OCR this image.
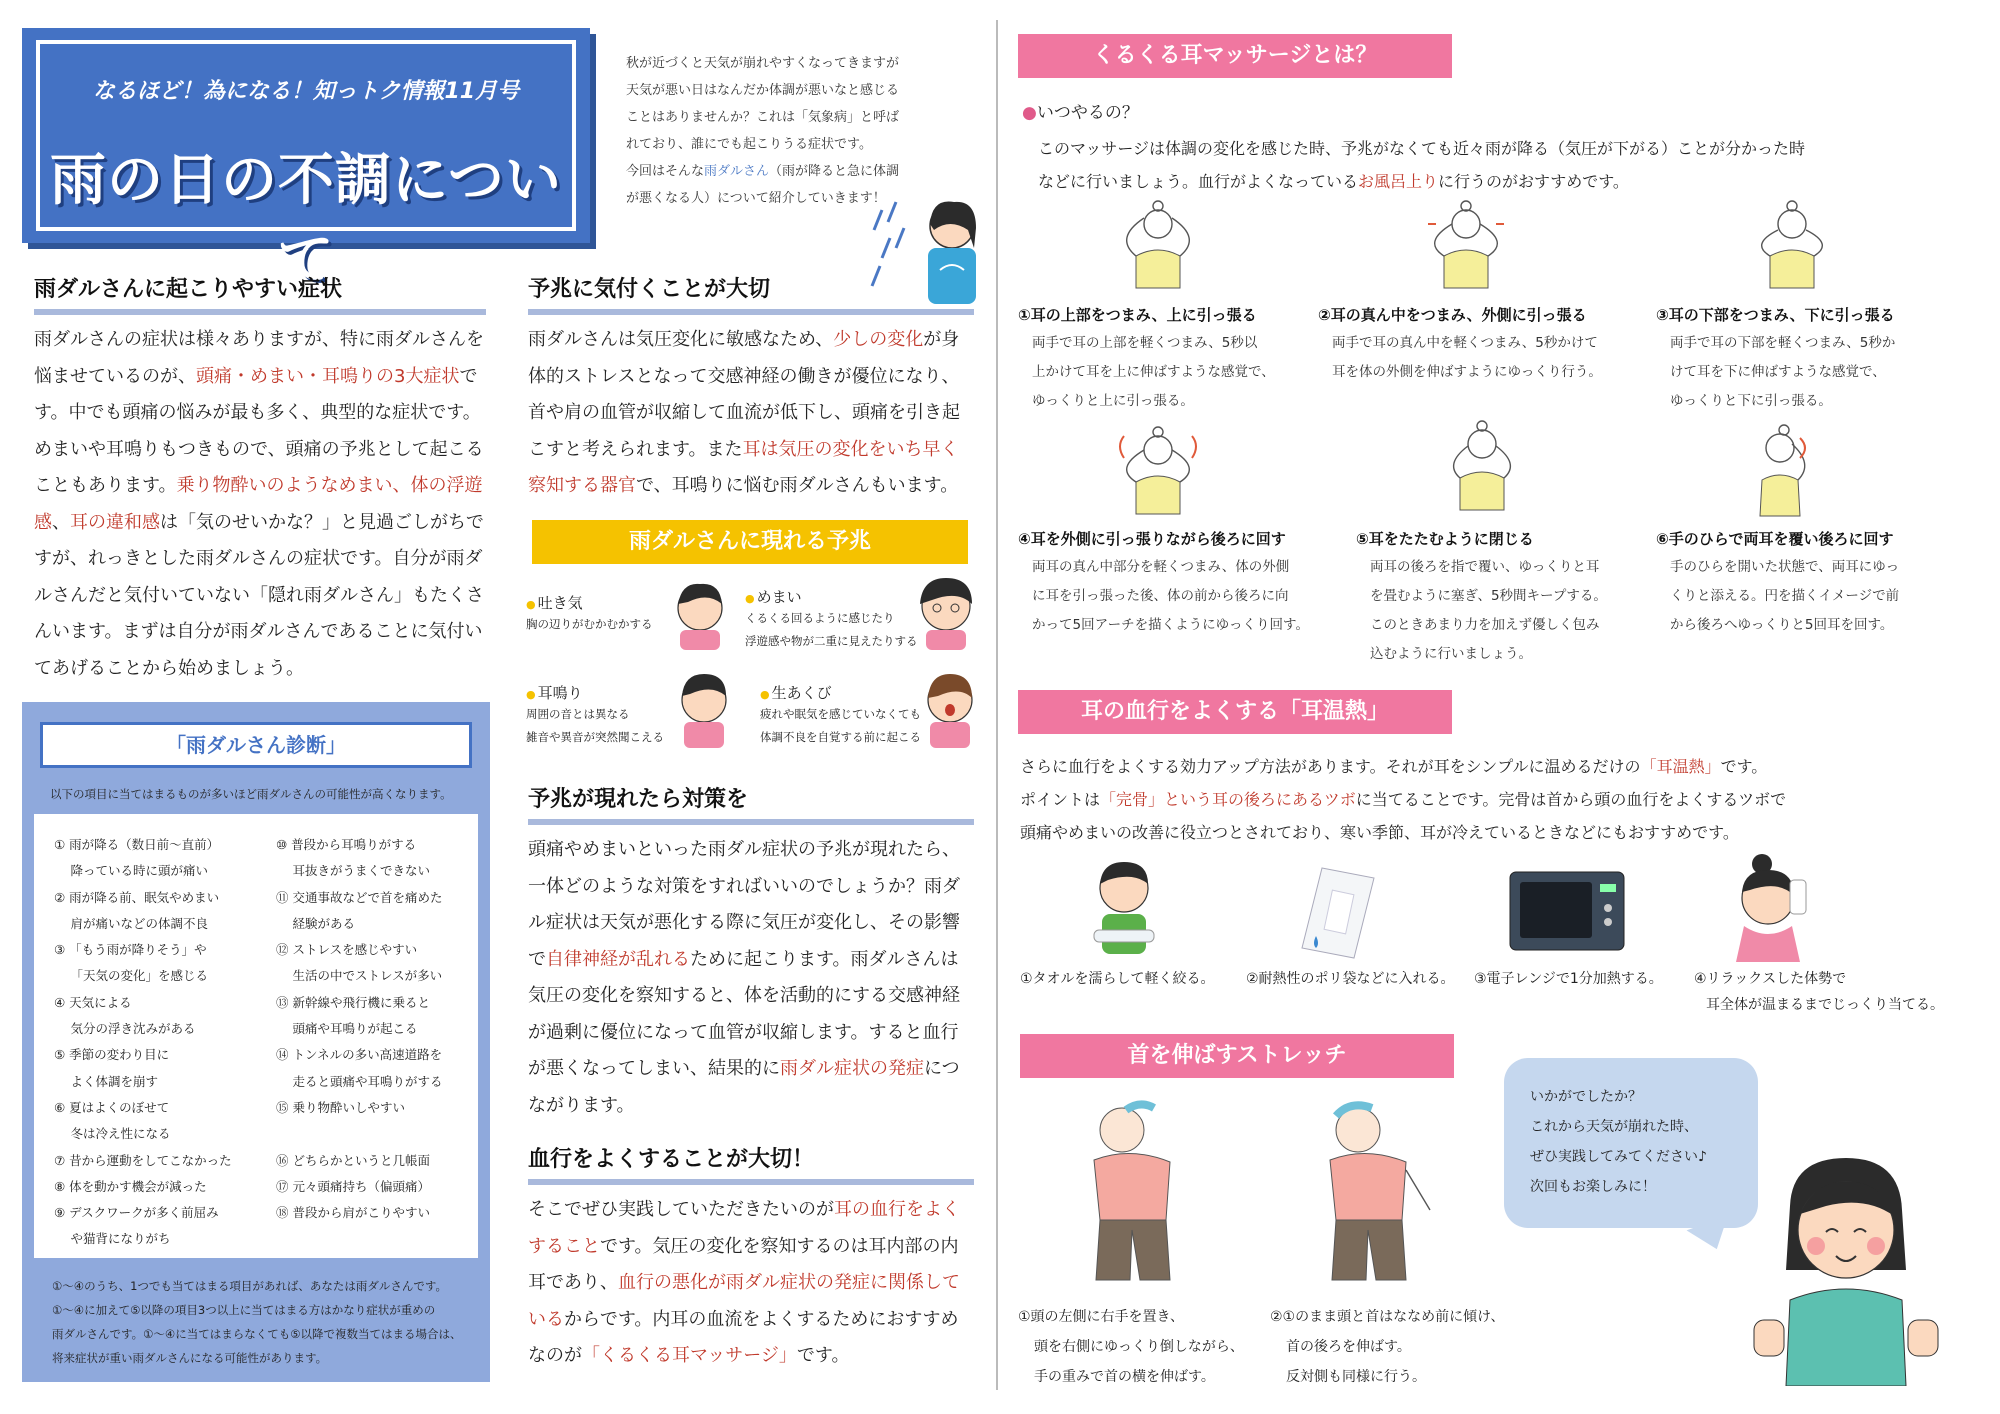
なるほど！為になる！知っトク情報11月号
雨の日の不調について
秋が近づくと天気が崩れやすくなってきますが
天気が悪い日はなんだか体調が悪いなと感じる
ことはありませんか？これは「気象病」と呼ば
れており、誰にでも起こりうる症状です。
今回はそんな雨ダルさん（雨が降ると急に体調
が悪くなる人）について紹介していきます！
雨ダルさんに起こりやすい症状
雨ダルさんの症状は様々ありますが、特に雨ダルさんを悩ませているのが、頭痛・めまい・耳鳴りの3大症状です。中でも頭痛の悩みが最も多く、典型的な症状です。めまいや耳鳴りもつきもので、頭痛の予兆として起こることもあります。乗り物酔いのようなめまい、体の浮遊感、耳の違和感は「気のせいかな？」と見過ごしがちですが、れっきとした雨ダルさんの症状です。自分が雨ダルさんだと気付いていない「隠れ雨ダルさん」もたくさんいます。まずは自分が雨ダルさんであることに気付いてあげることから始めましょう。
「雨ダルさん診断」
以下の項目に当てはまるものが多いほど雨ダルさんの可能性が高くなります。
① 雨が降る（数日前〜直前）
　 降っている時に頭が痛い
② 雨が降る前、眠気やめまい
　 肩が痛いなどの体調不良
③ 「もう雨が降りそう」や
　 「天気の変化」を感じる
④ 天気による
　 気分の浮き沈みがある
⑤ 季節の変わり目に
　 よく体調を崩す
⑥ 夏はよくのぼせて
　 冬は冷え性になる
⑦ 昔から運動をしてこなかった
⑧ 体を動かす機会が減った
⑨ デスクワークが多く前屈み
　 や猫背になりがち
⑩ 普段から耳鳴りがする
　 耳抜きがうまくできない
⑪ 交通事故などで首を痛めた
　 経験がある
⑫ ストレスを感じやすい
　 生活の中でストレスが多い
⑬ 新幹線や飛行機に乗ると
　 頭痛や耳鳴りが起こる
⑭ トンネルの多い高速道路を
　 走ると頭痛や耳鳴りがする
⑮ 乗り物酔いしやすい
⑯ どちらかというと几帳面
⑰ 元々頭痛持ち（偏頭痛）
⑱ 普段から肩がこりやすい
①〜④のうち、1つでも当てはまる項目があれば、あなたは雨ダルさんです。
①〜④に加えて⑤以降の項目3つ以上に当てはまる方はかなり症状が重めの
雨ダルさんです。①〜④に当てはまらなくても⑤以降で複数当てはまる場合は、
将来症状が重い雨ダルさんになる可能性があります。
予兆に気付くことが大切
雨ダルさんは気圧変化に敏感なため、少しの変化が身体的ストレスとなって交感神経の働きが優位になり、首や肩の血管が収縮して血流が低下し、頭痛を引き起こすと考えられます。また耳は気圧の変化をいち早く察知する器官で、耳鳴りに悩む雨ダルさんもいます。
雨ダルさんに現れる予兆
● 吐き気
胸の辺りがむかむかする
● めまい
くるくる回るように感じたり
浮遊感や物が二重に見えたりする
● 耳鳴り
周囲の音とは異なる
雑音や異音が突然聞こえる
● 生あくび
疲れや眠気を感じていなくても
体調不良を自覚する前に起こる
予兆が現れたら対策を
頭痛やめまいといった雨ダル症状の予兆が現れたら、一体どのような対策をすればいいのでしょうか？雨ダル症状は天気が悪化する際に気圧が変化し、その影響で自律神経が乱れるために起こります。雨ダルさんは気圧の変化を察知すると、体を活動的にする交感神経が過剰に優位になって血管が収縮します。すると血行が悪くなってしまい、結果的に雨ダル症状の発症につながります。
血行をよくすることが大切！
そこでぜひ実践していただきたいのが耳の血行をよくすることです。気圧の変化を察知するのは耳内部の内耳であり、血行の悪化が雨ダル症状の発症に関係しているからです。内耳の血流をよくするためにおすすめなのが「くるくる耳マッサージ」です。
くるくる耳マッサージとは？
●いつやるの？
このマッサージは体調の変化を感じた時、予兆がなくても近々雨が降る（気圧が下がる）ことが分かった時
などに行いましょう。血行がよくなっているお風呂上りに行うのがおすすめです。
①耳の上部をつまみ、上に引っ張る
両手で耳の上部を軽くつまみ、5秒以
上かけて耳を上に伸ばすような感覚で、
ゆっくりと上に引っ張る。
②耳の真ん中をつまみ、外側に引っ張る
両手で耳の真ん中を軽くつまみ、5秒かけて
耳を体の外側を伸ばすようにゆっくり行う。
③耳の下部をつまみ、下に引っ張る
両手で耳の下部を軽くつまみ、5秒か
けて耳を下に伸ばすような感覚で、
ゆっくりと下に引っ張る。
④耳を外側に引っ張りながら後ろに回す
両耳の真ん中部分を軽くつまみ、体の外側
に耳を引っ張った後、体の前から後ろに向
かって5回アーチを描くようにゆっくり回す。
⑤耳をたたむように閉じる
両耳の後ろを指で覆い、ゆっくりと耳
を畳むように塞ぎ、5秒間キープする。
このときあまり力を加えず優しく包み
込むように行いましょう。
⑥手のひらで両耳を覆い後ろに回す
手のひらを開いた状態で、両耳にゆっ
くりと添える。円を描くイメージで前
から後ろへゆっくりと5回耳を回す。
耳の血行をよくする「耳温熱」
さらに血行をよくする効力アップ方法があります。それが耳をシンプルに温めるだけの「耳温熱」です。
ポイントは「完骨」という耳の後ろにあるツボに当てることです。完骨は首から頭の血行をよくするツボで
頭痛やめまいの改善に役立つとされており、寒い季節、耳が冷えているときなどにもおすすめです。
①タオルを濡らして軽く絞る。 ②耐熱性のポリ袋などに入れる。 ③電子レンジで1分加熱する。 ④リラックスした体勢で
耳全体が温まるまでじっくり当てる。
首を伸ばすストレッチ
①頭の左側に右手を置き、
頭を右側にゆっくり倒しながら、
手の重みで首の横を伸ばす。
②①のまま頭と首はななめ前に傾け、
首の後ろを伸ばす。
反対側も同様に行う。
いかがでしたか？
これから天気が崩れた時、
ぜひ実践してみてください♪
次回もお楽しみに！
